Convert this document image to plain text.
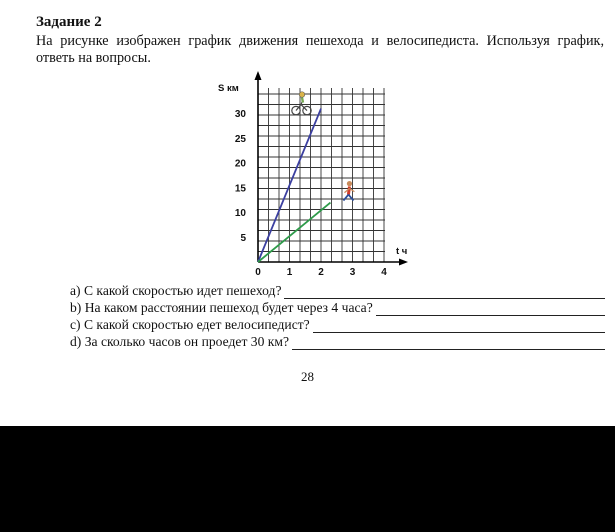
Задание 2
На рисунке изображен график движения пешехода и велосипедиста. Используя график, ответь на вопросы.
S км
t ч
5
10
15
20
25
30
0	1	2	3	4
a) С какой скоростью идет пешеход?
b) На каком расстоянии пешеход будет через 4 часа?
c) С какой скоростью едет велосипедист?
d) За сколько часов он проедет 30 км?
28
